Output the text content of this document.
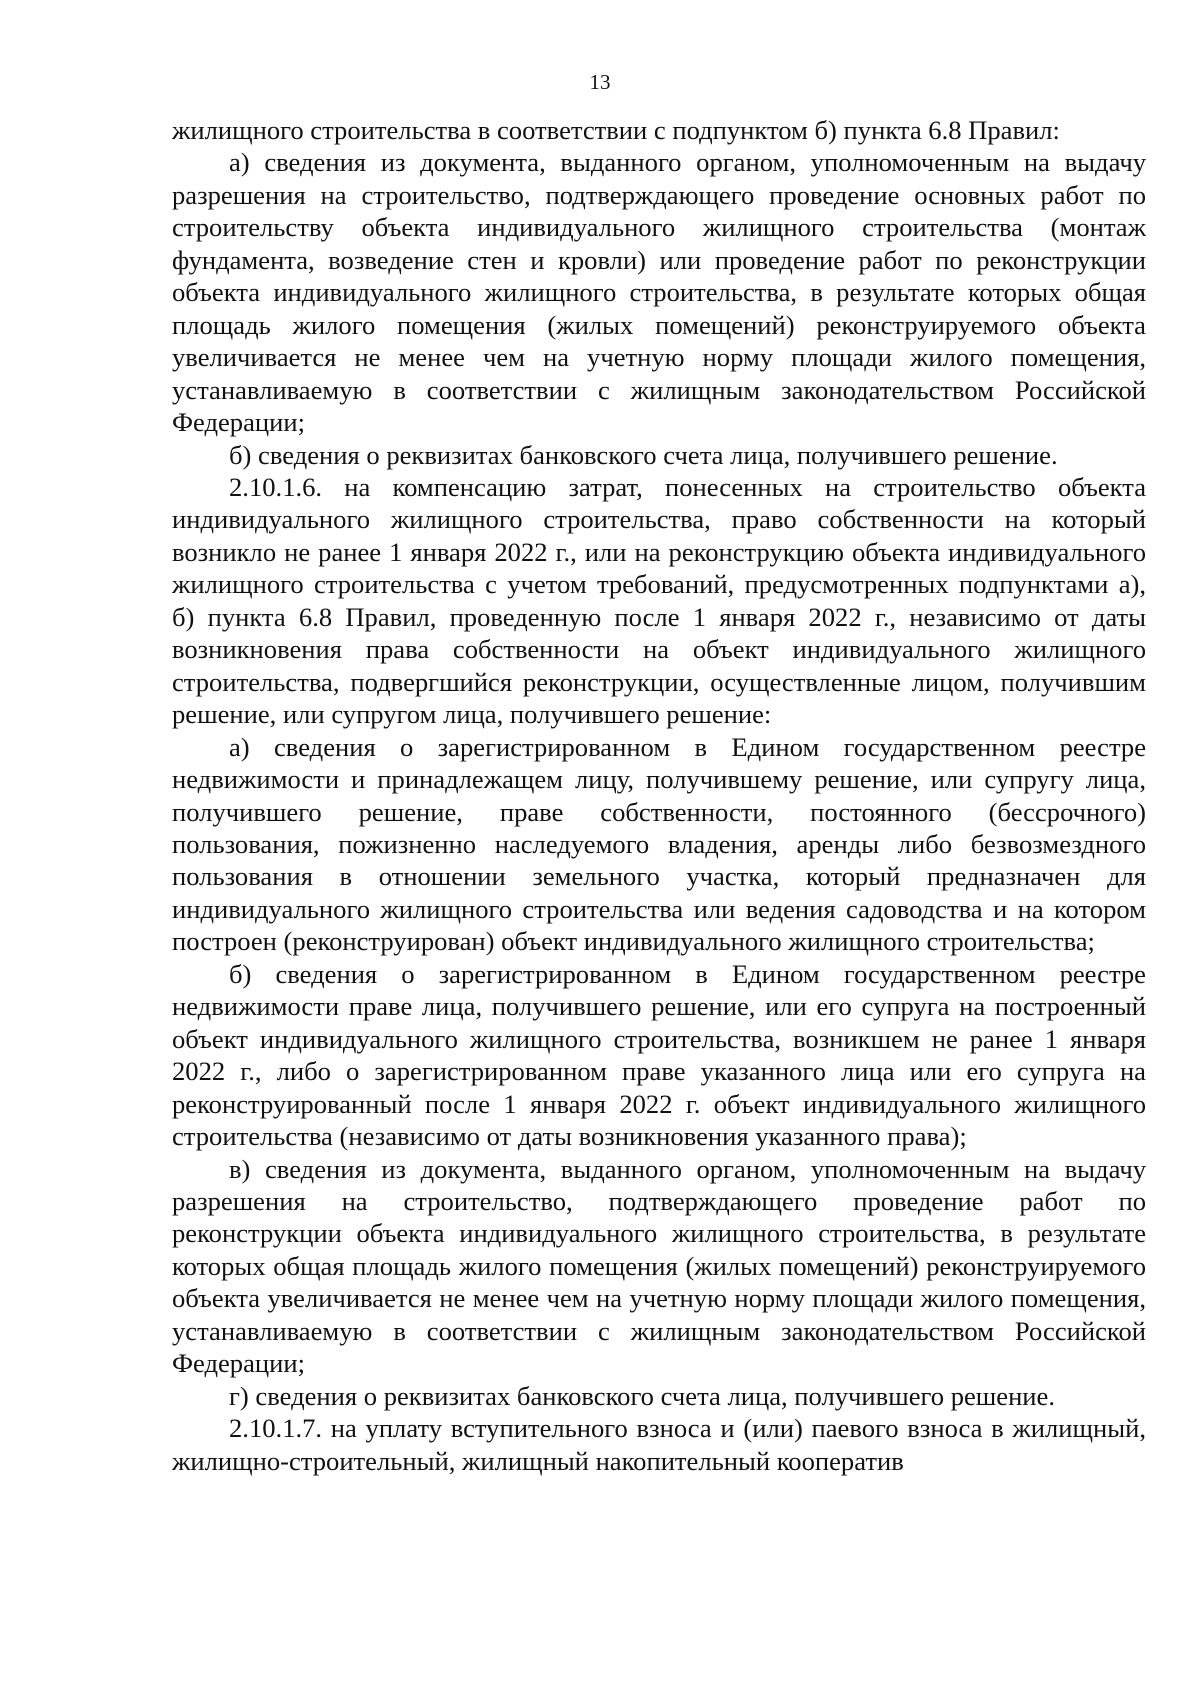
13

жилищного строительства в соответствии с подпунктом б) пункта 6.8 Правил:

а) сведения из документа, выданного органом, уполномоченным на выдачу разрешения на строительство, подтверждающего проведение основных работ по строительству объекта индивидуального жилищного строительства (монтаж фундамента, возведение стен и кровли) или проведение работ по реконструкции объекта индивидуального жилищного строительства, в результате которых общая площадь жилого помещения (жилых помещений) реконструируемого объекта увеличивается не менее чем на учетную норму площади жилого помещения, устанавливаемую в соответствии с жилищным законодательством Российской Федерации;

б) сведения о реквизитах банковского счета лица, получившего решение.

2.10.1.6. на компенсацию затрат, понесенных на строительство объекта индивидуального жилищного строительства, право собственности на который возникло не ранее 1 января 2022 г., или на реконструкцию объекта индивидуального жилищного строительства с учетом требований, предусмотренных подпунктами а), б) пункта 6.8 Правил, проведенную после 1 января 2022 г., независимо от даты возникновения права собственности на объект индивидуального жилищного строительства, подвергшийся реконструкции, осуществленные лицом, получившим решение, или супругом лица, получившего решение:

а) сведения о зарегистрированном в Едином государственном реестре недвижимости и принадлежащем лицу, получившему решение, или супругу лица, получившего решение, праве собственности, постоянного (бессрочного) пользования, пожизненно наследуемого владения, аренды либо безвозмездного пользования в отношении земельного участка, который предназначен для индивидуального жилищного строительства или ведения садоводства и на котором построен (реконструирован) объект индивидуального жилищного строительства;

б) сведения о зарегистрированном в Едином государственном реестре недвижимости праве лица, получившего решение, или его супруга на построенный объект индивидуального жилищного строительства, возникшем не ранее 1 января 2022 г., либо о зарегистрированном праве указанного лица или его супруга на реконструированный после 1 января 2022 г. объект индивидуального жилищного строительства (независимо от даты возникновения указанного права);

в) сведения из документа, выданного органом, уполномоченным на выдачу разрешения на строительство, подтверждающего проведение работ по реконструкции объекта индивидуального жилищного строительства, в результате которых общая площадь жилого помещения (жилых помещений) реконструируемого объекта увеличивается не менее чем на учетную норму площади жилого помещения, устанавливаемую в соответствии с жилищным законодательством Российской Федерации;

г) сведения о реквизитах банковского счета лица, получившего решение.

2.10.1.7. на уплату вступительного взноса и (или) паевого взноса в жилищный, жилищно-строительный, жилищный накопительный кооператив
